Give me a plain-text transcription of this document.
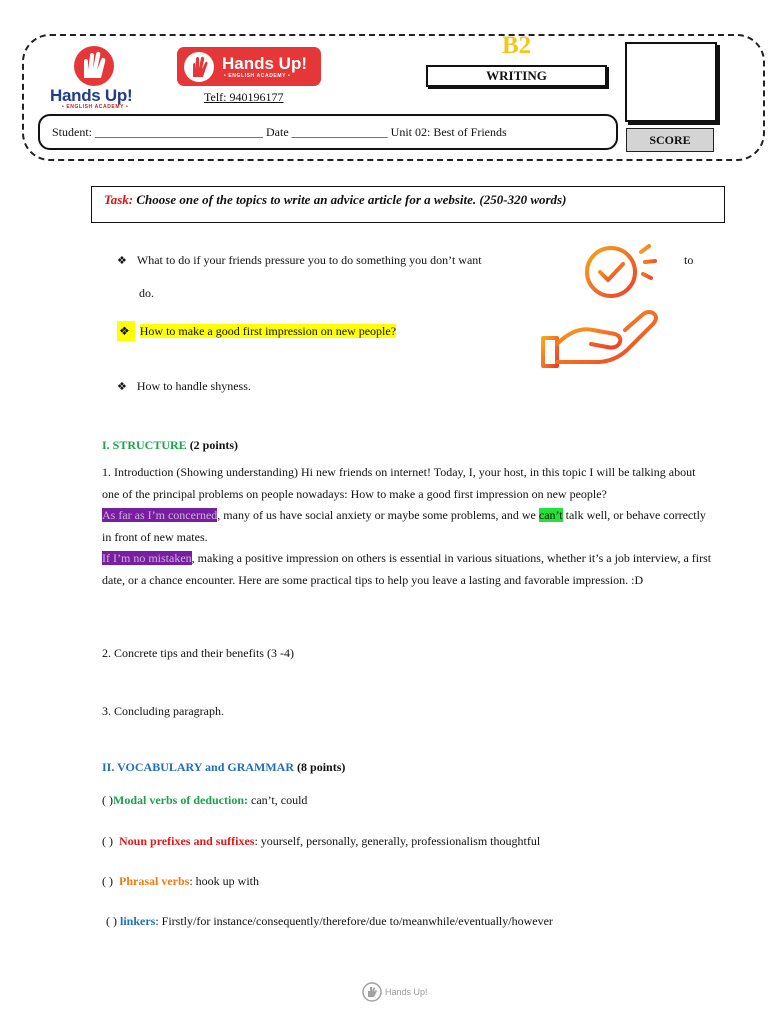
Hands Up!
• ENGLISH ACADEMY •
Hands Up!
• ENGLISH ACADEMY •
Telf: 940196177
B2
WRITING
SCORE
Student: ____________________________ Date ________________ Unit 02: Best of Friends
Task: Choose one of the topics to write an advice article for a website. (250-320 words)
❖ What to do if your friends pressure you to do something you don’t want	to
do.
❖ How to make a good first impression on new people?
❖ How to handle shyness.
I. STRUCTURE (2 points)
1. Introduction (Showing understanding) Hi new friends on internet! Today, I, your host, in this topic I will be talking about one of the principal problems on people nowadays: How to make a good first impression on new people?
As far as I’m concerned, many of us have social anxiety or maybe some problems, and we can’t talk well, or behave correctly in front of new mates.
If I’m no mistaken, making a positive impression on others is essential in various situations, whether it’s a job interview, a first date, or a chance encounter. Here are some practical tips to help you leave a lasting and favorable impression. :D
2. Concrete tips and their benefits (3 -4)
3. Concluding paragraph.
II. VOCABULARY and GRAMMAR (8 points)
( )Modal verbs of deduction: can’t, could
( ) Noun prefixes and suffixes: yourself, personally, generally, professionalism thoughtful
( ) Phrasal verbs: hook up with
( ) linkers: Firstly/for instance/consequently/therefore/due to/meanwhile/eventually/however
Hands Up!
